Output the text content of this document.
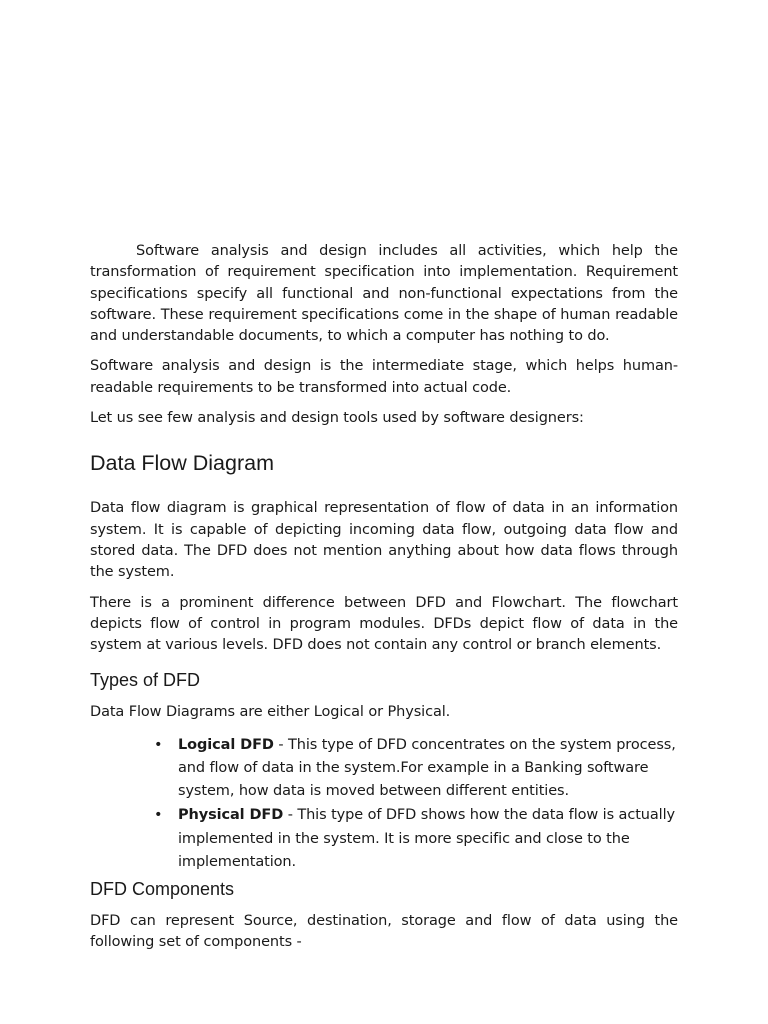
Software analysis and design includes all activities, which help the transformation of requirement specification into implementation. Requirement specifications specify all functional and non-functional expectations from the software. These requirement specifications come in the shape of human readable and understandable documents, to which a computer has nothing to do.

Software analysis and design is the intermediate stage, which helps human-readable requirements to be transformed into actual code.

Let us see few analysis and design tools used by software designers:

Data Flow Diagram

Data flow diagram is graphical representation of flow of data in an information system. It is capable of depicting incoming data flow, outgoing data flow and stored data. The DFD does not mention anything about how data flows through the system.

There is a prominent difference between DFD and Flowchart. The flowchart depicts flow of control in program modules. DFDs depict flow of data in the system at various levels. DFD does not contain any control or branch elements.

Types of DFD

Data Flow Diagrams are either Logical or Physical.

• Logical DFD - This type of DFD concentrates on the system process, and flow of data in the system.For example in a Banking software system, how data is moved between different entities.
• Physical DFD - This type of DFD shows how the data flow is actually implemented in the system. It is more specific and close to the implementation.
DFD Components

DFD can represent Source, destination, storage and flow of data using the following set of components -
